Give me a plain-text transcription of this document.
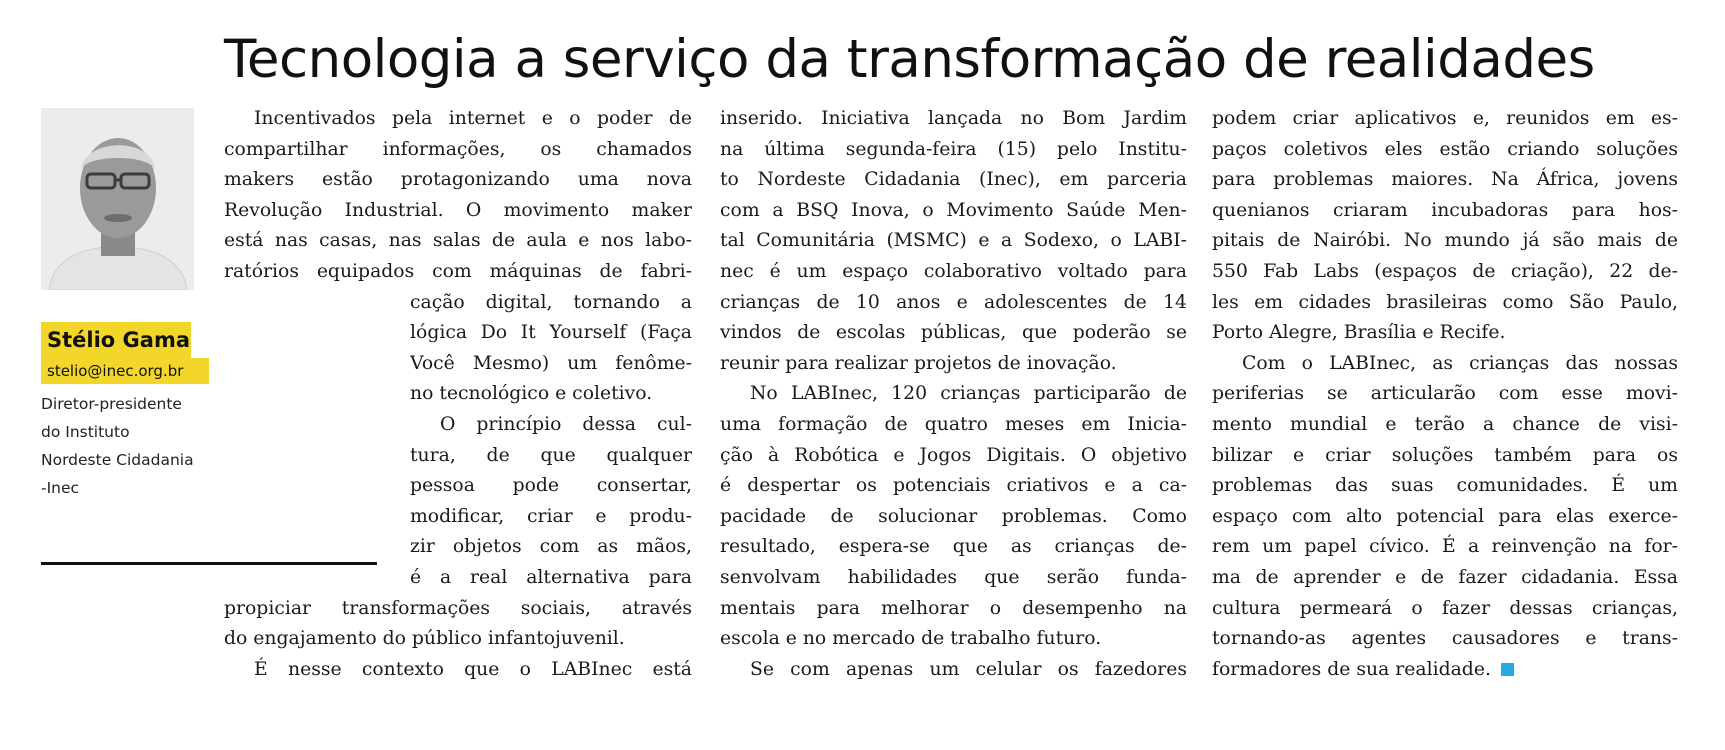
Tecnologia a serviço da transformação de realidades
Stélio Gama
stelio@inec.org.br
Diretor-presidente
do Instituto
Nordeste Cidadania
-Inec
Incentivados pela internet e o poder de
compartilhar informações, os chamados
makers estão protagonizando uma nova
Revolução Industrial. O movimento maker
está nas casas, nas salas de aula e nos labo-
ratórios equipados com máquinas de fabri-
cação digital, tornando a
lógica Do It Yourself (Faça
Você Mesmo) um fenôme-
no tecnológico e coletivo.
O princípio dessa cul-
tura, de que qualquer
pessoa pode consertar,
modificar, criar e produ-
zir objetos com as mãos,
é a real alternativa para
propiciar transformações sociais, através
do engajamento do público infantojuvenil.
É nesse contexto que o LABInec está
inserido. Iniciativa lançada no Bom Jardim
na última segunda-feira (15) pelo Institu-
to Nordeste Cidadania (Inec), em parceria
com a BSQ Inova, o Movimento Saúde Men-
tal Comunitária (MSMC) e a Sodexo, o LABI-
nec é um espaço colaborativo voltado para
crianças de 10 anos e adolescentes de 14
vindos de escolas públicas, que poderão se
reunir para realizar projetos de inovação.
No LABInec, 120 crianças participarão de
uma formação de quatro meses em Inicia-
ção à Robótica e Jogos Digitais. O objetivo
é despertar os potenciais criativos e a ca-
pacidade de solucionar problemas. Como
resultado, espera-se que as crianças de-
senvolvam habilidades que serão funda-
mentais para melhorar o desempenho na
escola e no mercado de trabalho futuro.
Se com apenas um celular os fazedores
podem criar aplicativos e, reunidos em es-
paços coletivos eles estão criando soluções
para problemas maiores. Na África, jovens
quenianos criaram incubadoras para hos-
pitais de Nairóbi. No mundo já são mais de
550 Fab Labs (espaços de criação), 22 de-
les em cidades brasileiras como São Paulo,
Porto Alegre, Brasília e Recife.
Com o LABInec, as crianças das nossas
periferias se articularão com esse movi-
mento mundial e terão a chance de visi-
bilizar e criar soluções também para os
problemas das suas comunidades. É um
espaço com alto potencial para elas exerce-
rem um papel cívico. É a reinvenção na for-
ma de aprender e de fazer cidadania. Essa
cultura permeará o fazer dessas crianças,
tornando-as agentes causadores e trans-
formadores de sua realidade.
